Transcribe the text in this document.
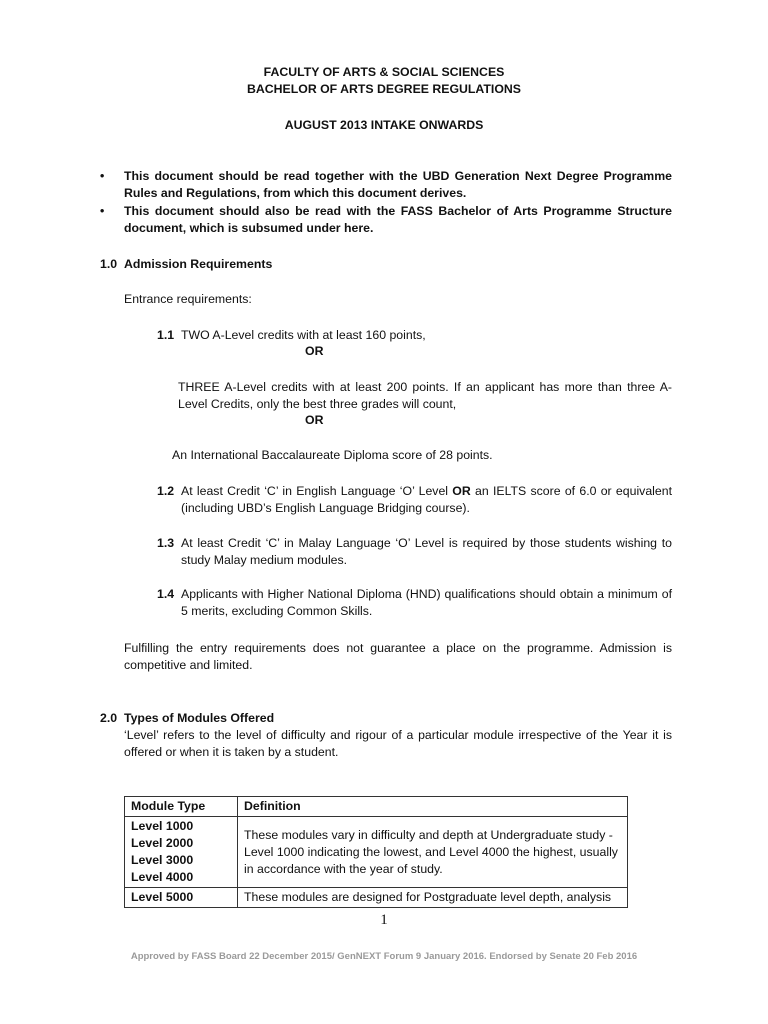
FACULTY OF ARTS & SOCIAL SCIENCES
BACHELOR OF ARTS DEGREE REGULATIONS
AUGUST 2013 INTAKE ONWARDS
• This document should be read together with the UBD Generation Next Degree Programme Rules and Regulations, from which this document derives.
• This document should also be read with the FASS Bachelor of Arts Programme Structure document, which is subsumed under here.
1.0 Admission Requirements
Entrance requirements:
1.1 TWO A-Level credits with at least 160 points,
OR
THREE A-Level credits with at least 200 points. If an applicant has more than three A-Level Credits, only the best three grades will count,
OR
An International Baccalaureate Diploma score of 28 points.
1.2 At least Credit ‘C’ in English Language ‘O’ Level OR an IELTS score of 6.0 or equivalent (including UBD’s English Language Bridging course).
1.3 At least Credit ‘C’ in Malay Language ‘O’ Level is required by those students wishing to study Malay medium modules.
1.4 Applicants with Higher National Diploma (HND) qualifications should obtain a minimum of 5 merits, excluding Common Skills.
Fulfilling the entry requirements does not guarantee a place on the programme. Admission is competitive and limited.
2.0 Types of Modules Offered
‘Level’ refers to the level of difficulty and rigour of a particular module irrespective of the Year it is offered or when it is taken by a student.
Module Type	Definition

Level 1000
Level 2000
Level 3000
Level 4000	These modules vary in difficulty and depth at Undergraduate study - Level 1000 indicating the lowest, and Level 4000 the highest, usually in accordance with the year of study.
Level 5000	These modules are designed for Postgraduate level depth, analysis
1
Approved by FASS Board 22 December 2015/ GenNEXT Forum 9 January 2016. Endorsed by Senate 20 Feb 2016
